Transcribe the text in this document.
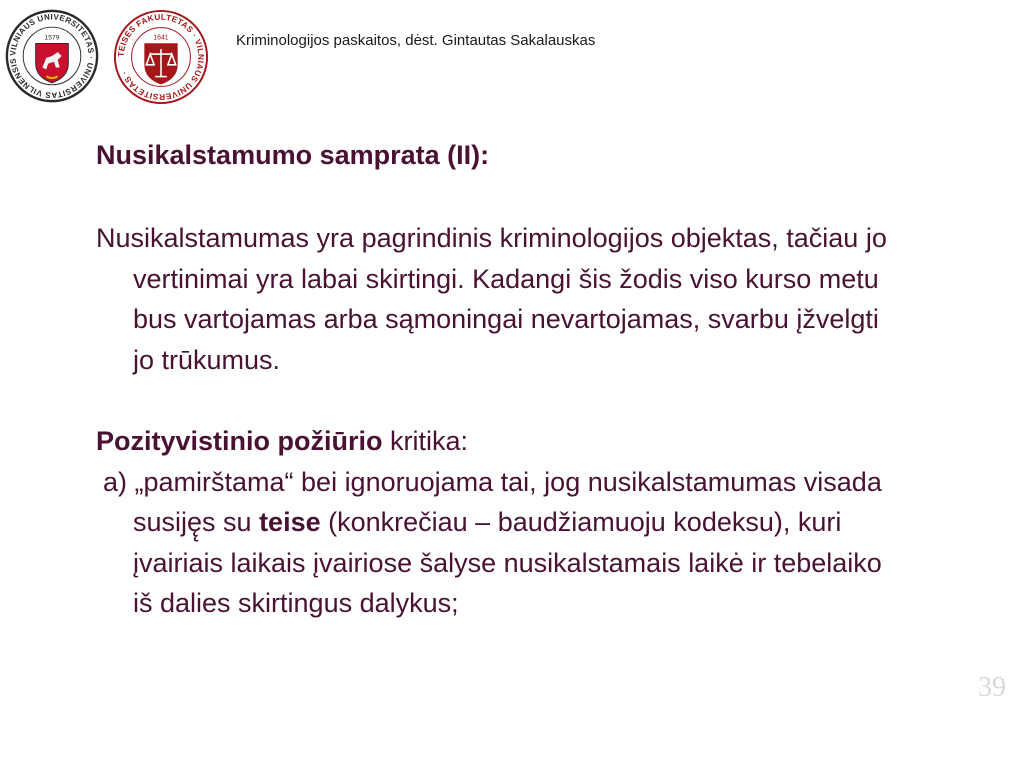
VILNIAUS UNIVERSITETAS · UNIVERSITAS VILNENSIS
1579
TEISĖS FAKULTETAS · VILNIAUS UNIVERSITETAS ·
1641	Kriminologijos paskaitos, dėst. Gintautas Sakalauskas
Nusikalstamumo samprata (II):
Nusikalstamumas yra pagrindinis kriminologijos objektas, tačiau jo vertinimai yra labai skirtingi. Kadangi šis žodis viso kurso metu bus vartojamas arba sąmoningai nevartojamas, svarbu įžvelgti jo trūkumus.
Pozityvistinio požiūrio kritika:
a) „pamirštama“ bei ignoruojama tai, jog nusikalstamumas visada susiję̨s su teise (konkrečiau – baudžiamuoju kodeksu), kuri įvairiais laikais įvairiose šalyse nusikalstamais laikė ir tebelaiko iš dalies skirtingus dalykus;
39
